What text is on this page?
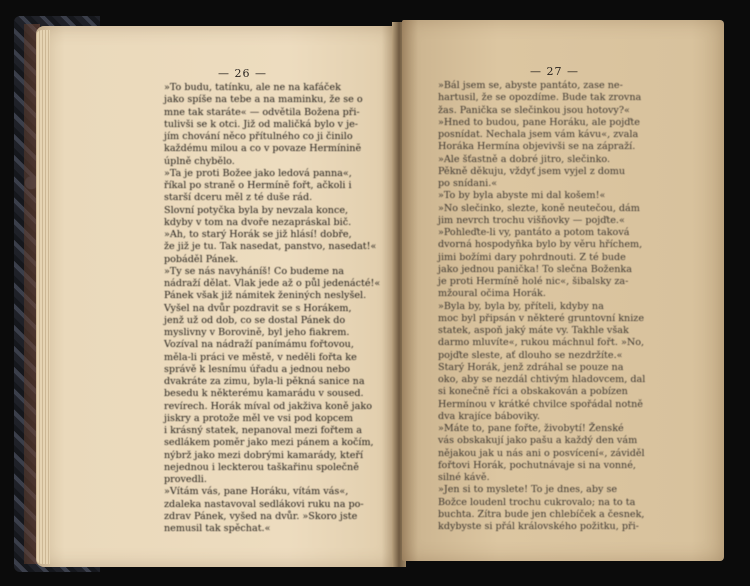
— 26 —
»To budu, tatínku, ale ne na kafáček
jako spíše na tebe a na maminku, že se o
mne tak staráte« — odvětila Božena při-
tulivši se k otci. Již od maličká bylo v je-
jím chování něco přítulného co ji činilo
každému milou a co v povaze Hermíninĕ
úplně chybělo.
»Ta je proti Božee jako ledová panna«,
říkal po straně o Hermínĕ fořt, ačkoli i
starší dceru měl z té duše rád.
Slovní potyčka byla by nevzala konce,
kdyby v tom na dvoře nezapráskal bič.
»Ah, to starý Horák se již hlásí! dobře,
že již je tu. Tak nasedat, panstvo, nasedat!«
pobáděl Pánek.
»Ty se nás navyháníš! Co budeme na
nádraží dělat. Vlak jede až o půl jedenácté!«
Pánek však již námitek ženiných neslyšel.
Vyšel na dvůr pozdravit se s Horákem,
jenž už od dob, co se dostal Pánek do
myslivny v Borovině, byl jeho fiakrem.
Vozíval na nádraží panímámu fořtovou,
měla-li práci ve městě, v neděli fořta ke
správě k lesnímu úřadu a jednou nebo
dvakráte za zimu, byla-li pěkná sanice na
besedu k některému kamarádu v soused.
revírech. Horák míval od jakživa koně jako
jiskry a protože měl ve vsi pod kopcem
i krásný statek, nepanoval mezi fořtem a
sedlákem poměr jako mezi pánem a kočím,
nýbrž jako mezi dobrými kamarády, kteří
nejednou i leckterou taškařinu společně
provedli.
»Vítám vás, pane Horáku, vítám vás«,
zdaleka nastavoval sedlákovi ruku na po-
zdrav Pánek, vyšed na dvůr. »Skoro jste
nemusil tak spěchat.«
— 27 —
»Bál jsem se, abyste pantáto, zase ne-
hartusil, že se opozdíme. Bude tak zrovna
žas. Panička se slečinkou jsou hotovy?«
»Hned to budou, pane Horáku, ale pojďte
posnídat. Nechala jsem vám kávu«, zvala
Horáka Hermína objevivši se na zápraží.
»Ale šťastně a dobré jitro, slečinko.
Pěkně děkuju, vždyť jsem vyjel z domu
po snídani.«
»To by byla abyste mi dal košem!«
»No slečinko, slezte, koně neutečou, dám
jim nevrch trochu višňovky — pojďte.«
»Pohleďte-li vy, pantáto a potom taková
dvorná hospodyňka bylo by věru hříchem,
jimi božími dary pohrdnouti. Z té bude
jako jednou panička! To slečna Boženka
je proti Hermíně holé nic«, šibalsky za-
mžoural očima Horák.
»Byla by, byla by, příteli, kdyby na
moc byl připsán v některé gruntovní knize
statek, aspoň jaký máte vy. Takhle však
darmo mluvíte«, rukou máchnul fořt. »No,
pojďte sleste, ať dlouho se nezdržíte.«
Starý Horák, jenž zdráhal se pouze na
oko, aby se nezdál chtivým hladovcem, dal
si konečně říci a obskakován a pobízen
Hermínou v krátké chvilce spořádal notně
dva krajíce báboviky.
»Máte to, pane fořte, živobytí! Ženské
vás obskakují jako pašu a každý den vám
nějakou jak u nás ani o posvícení«, záviděl
fořtovi Horák, pochutnávaje si na vonné,
silné kávě.
»Jen si to myslete! To je dnes, aby se
Božce loudenl trochu cukrovalo; na to ta
buchta. Zítra bude jen chlebíček a česnek,
kdybyste si přál královského požitku, při-
